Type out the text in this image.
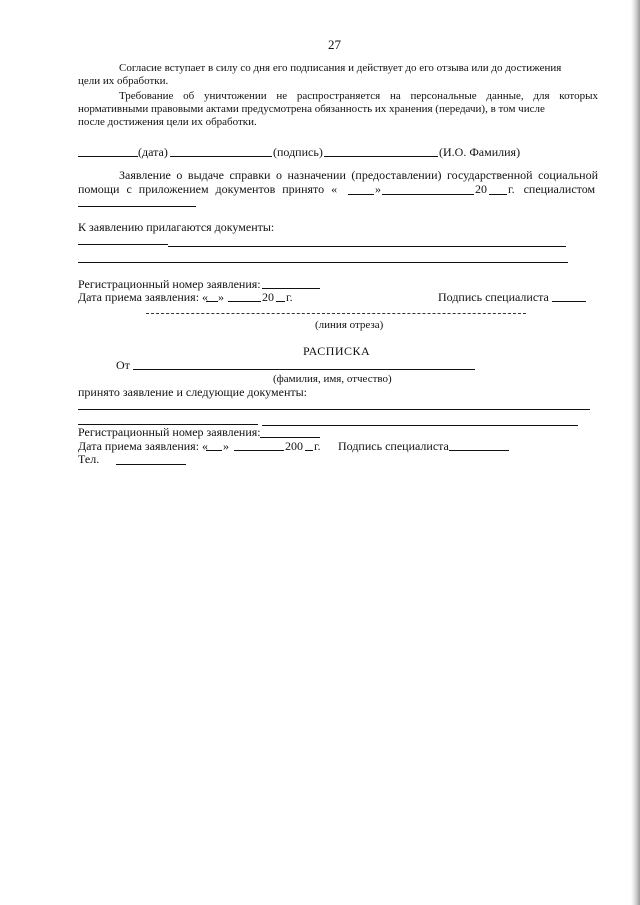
27
Согласие вступает в силу со дня его подписания и действует до его отзыва или до достижения
цели их обработки.
Требование об уничтожении не распространяется на персональные данные, для которых
нормативными правовыми актами предусмотрена обязанность их хранения (передачи), в том числе
после достижения цели их обработки.
(дата)	(подпись)	(И.О. Фамилия)
Заявление о выдаче справки о назначении (предоставлении) государственной социальной
помощи с приложением документов принято «	»	20 г. специалистом
К заявлению прилагаются документы:
Регистрационный номер заявления:
Дата приема заявления: « »	20 г.	Подпись специалиста
(линия отреза)
РАСПИСКА
От
(фамилия, имя, отчество)
принято заявление и следующие документы:
Регистрационный номер заявления:
Дата приема заявления: « »	200 г. Подпись специалиста
Тел.
